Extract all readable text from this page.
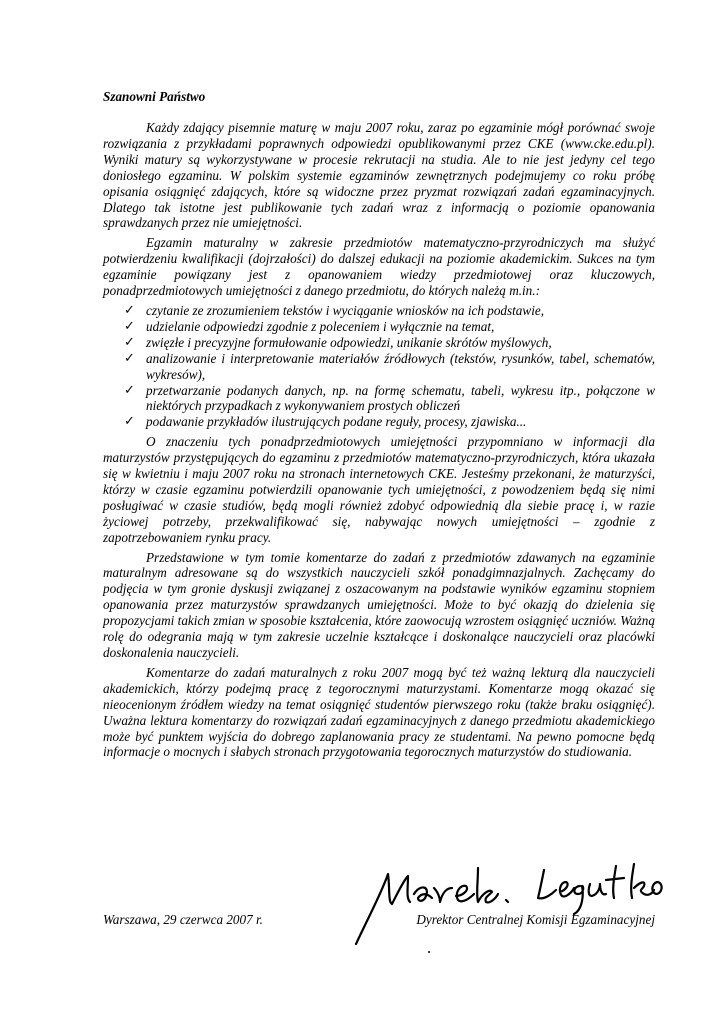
Szanowni Państwo

Każdy zdający pisemnie maturę w maju 2007 roku, zaraz po egzaminie mógł porównać swoje rozwiązania z przykładami poprawnych odpowiedzi opublikowanymi przez CKE (www.cke.edu.pl). Wyniki matury są wykorzystywane w procesie rekrutacji na studia. Ale to nie jest jedyny cel tego doniosłego egzaminu. W polskim systemie egzaminów zewnętrznych podejmujemy co roku próbę opisania osiągnięć zdających, które są widoczne przez pryzmat rozwiązań zadań egzaminacyjnych. Dlatego tak istotne jest publikowanie tych zadań wraz z informacją o poziomie opanowania sprawdzanych przez nie umiejętności.

Egzamin maturalny w zakresie przedmiotów matematyczno-przyrodniczych ma służyć potwierdzeniu kwalifikacji (dojrzałości) do dalszej edukacji na poziomie akademickim. Sukces na tym egzaminie powiązany jest z opanowaniem wiedzy przedmiotowej oraz kluczowych, ponadprzedmiotowych umiejętności z danego przedmiotu, do których należą m.in.:

✓ czytanie ze zrozumieniem tekstów i wyciąganie wniosków na ich podstawie,
✓ udzielanie odpowiedzi zgodnie z poleceniem i wyłącznie na temat,
✓ zwięzłe i precyzyjne formułowanie odpowiedzi, unikanie skrótów myślowych,
✓ analizowanie i interpretowanie materiałów źródłowych (tekstów, rysunków, tabel, schematów, wykresów),
✓ przetwarzanie podanych danych, np. na formę schematu, tabeli, wykresu itp., połączone w niektórych przypadkach z wykonywaniem prostych obliczeń
✓ podawanie przykładów ilustrujących podane reguły, procesy, zjawiska...

O znaczeniu tych ponadprzedmiotowych umiejętności przypomniano w informacji dla maturzystów przystępujących do egzaminu z przedmiotów matematyczno-przyrodniczych, która ukazała się w kwietniu i maju 2007 roku na stronach internetowych CKE. Jesteśmy przekonani, że maturzyści, którzy w czasie egzaminu potwierdzili opanowanie tych umiejętności, z powodzeniem będą się nimi posługiwać w czasie studiów, będą mogli również zdobyć odpowiednią dla siebie pracę i, w razie życiowej potrzeby, przekwalifikować się, nabywając nowych umiejętności – zgodnie z zapotrzebowaniem rynku pracy.

Przedstawione w tym tomie komentarze do zadań z przedmiotów zdawanych na egzaminie maturalnym adresowane są do wszystkich nauczycieli szkół ponadgimnazjalnych. Zachęcamy do podjęcia w tym gronie dyskusji związanej z oszacowanym na podstawie wyników egzaminu stopniem opanowania przez maturzystów sprawdzanych umiejętności. Może to być okazją do dzielenia się propozycjami takich zmian w sposobie kształcenia, które zaowocują wzrostem osiągnięć uczniów. Ważną rolę do odegrania mają w tym zakresie uczelnie kształcące i doskonalące nauczycieli oraz placówki doskonalenia nauczycieli.

Komentarze do zadań maturalnych z roku 2007 mogą być też ważną lekturą dla nauczycieli akademickich, którzy podejmą pracę z tegorocznymi maturzystami. Komentarze mogą okazać się nieocenionym źródłem wiedzy na temat osiągnięć studentów pierwszego roku (także braku osiągnięć). Uważna lektura komentarzy do rozwiązań zadań egzaminacyjnych z danego przedmiotu akademickiego może być punktem wyjścia do dobrego zaplanowania pracy ze studentami. Na pewno pomocne będą informacje o mocnych i słabych stronach przygotowania tegorocznych maturzystów do studiowania.

Warszawa, 29 czerwca 2007 r.	Dyrektor Centralnej Komisji Egzaminacyjnej
